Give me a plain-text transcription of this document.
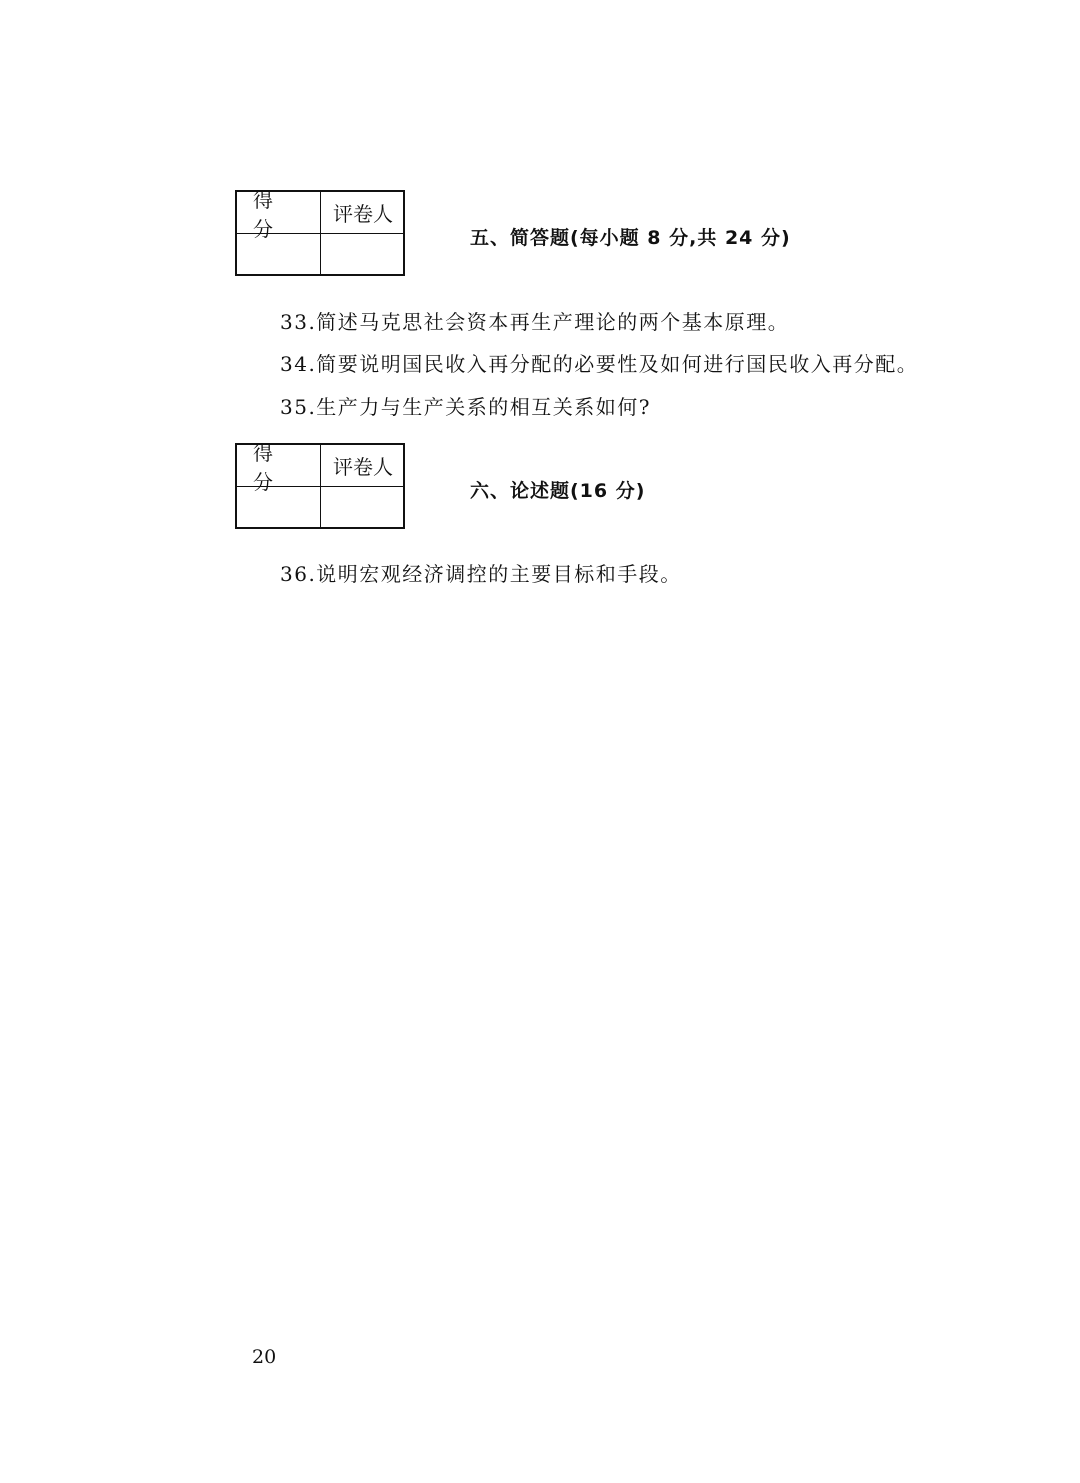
得分
评卷人
五、简答题(每小题 8 分,共 24 分)
33.简述马克思社会资本再生产理论的两个基本原理。
34.简要说明国民收入再分配的必要性及如何进行国民收入再分配。
35.生产力与生产关系的相互关系如何?
得分
评卷人
六、论述题(16 分)
36.说明宏观经济调控的主要目标和手段。
20
